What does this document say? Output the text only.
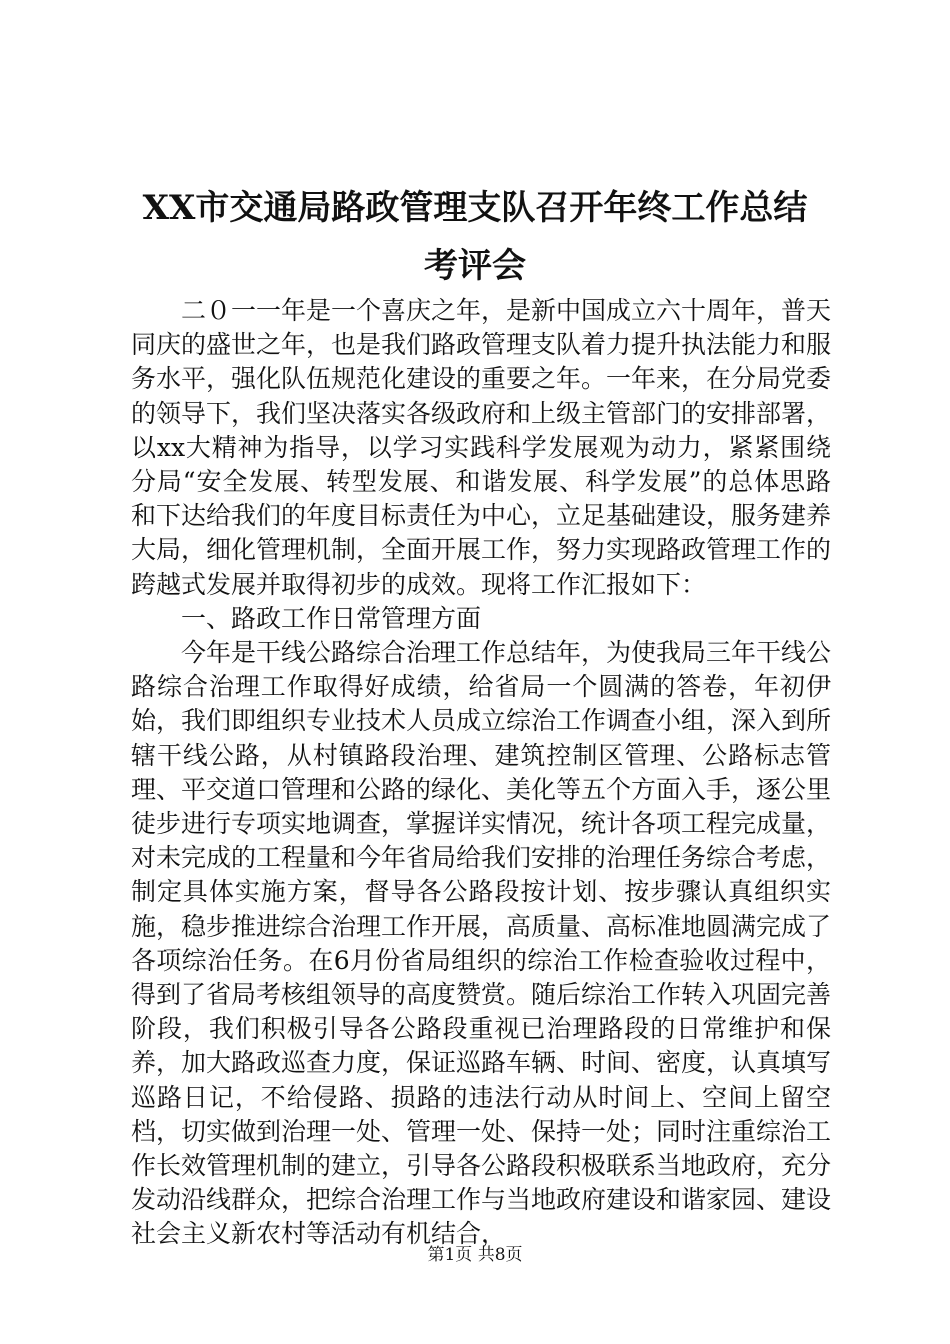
XX市交通局路政管理支队召开年终工作总结
考评会

二０一一年是一个喜庆之年，是新中国成立六十周年，普天同庆的盛世之年，也是我们路政管理支队着力提升执法能力和服务水平，强化队伍规范化建设的重要之年。一年来，在分局党委的领导下，我们坚决落实各级政府和上级主管部门的安排部署，以xx大精神为指导，以学习实践科学发展观为动力，紧紧围绕分局“安全发展、转型发展、和谐发展、科学发展”的总体思路和下达给我们的年度目标责任为中心，立足基础建设，服务建养大局，细化管理机制，全面开展工作，努力实现路政管理工作的跨越式发展并取得初步的成效。现将工作汇报如下：

一、路政工作日常管理方面

今年是干线公路综合治理工作总结年，为使我局三年干线公路综合治理工作取得好成绩，给省局一个圆满的答卷，年初伊始，我们即组织专业技术人员成立综治工作调查小组，深入到所辖干线公路，从村镇路段治理、建筑控制区管理、公路标志管理、平交道口管理和公路的绿化、美化等五个方面入手，逐公里徒步进行专项实地调查，掌握详实情况，统计各项工程完成量，对未完成的工程量和今年省局给我们安排的治理任务综合考虑，制定具体实施方案，督导各公路段按计划、按步骤认真组织实施，稳步推进综合治理工作开展，高质量、高标准地圆满完成了各项综治任务。在6月份省局组织的综治工作检查验收过程中，得到了省局考核组领导的高度赞赏。随后综治工作转入巩固完善阶段，我们积极引导各公路段重视已治理路段的日常维护和保养，加大路政巡查力度，保证巡路车辆、时间、密度，认真填写巡路日记，不给侵路、损路的违法行动从时间上、空间上留空档，切实做到治理一处、管理一处、保持一处；同时注重综治工作长效管理机制的建立，引导各公路段积极联系当地政府，充分发动沿线群众，把综合治理工作与当地政府建设和谐家园、建设社会主义新农村等活动有机结合，

第1页 共8页
